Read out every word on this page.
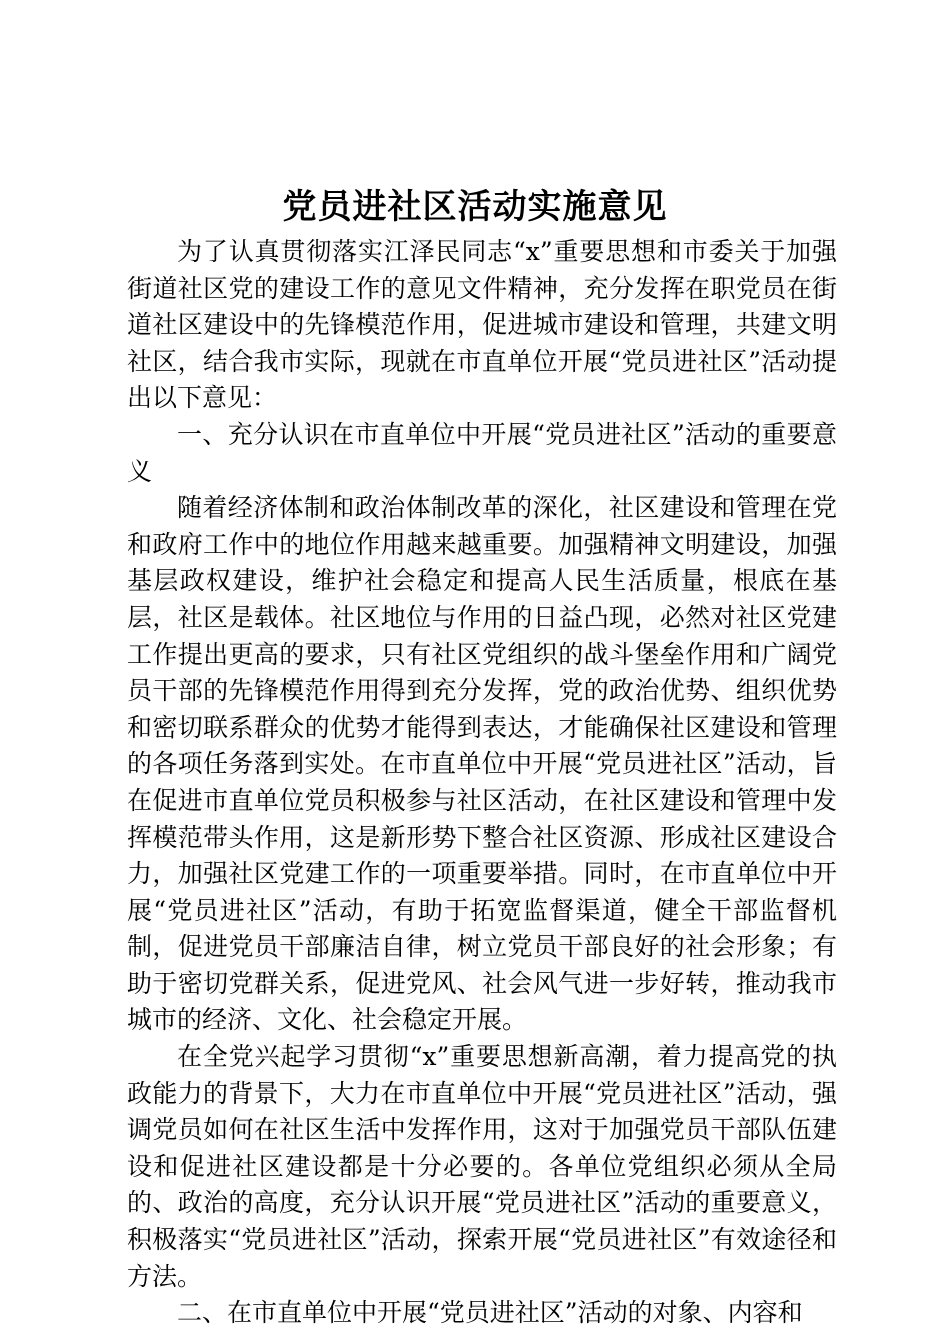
党员进社区活动实施意见

为了认真贯彻落实江泽民同志“x”重要思想和市委关于加强街道社区党的建设工作的意见文件精神，充分发挥在职党员在街道社区建设中的先锋模范作用，促进城市建设和管理，共建文明社区，结合我市实际，现就在市直单位开展“党员进社区”活动提出以下意见：

一、充分认识在市直单位中开展“党员进社区”活动的重要意义

随着经济体制和政治体制改革的深化，社区建设和管理在党和政府工作中的地位作用越来越重要。加强精神文明建设，加强基层政权建设，维护社会稳定和提高人民生活质量，根底在基层，社区是载体。社区地位与作用的日益凸现，必然对社区党建工作提出更高的要求，只有社区党组织的战斗堡垒作用和广阔党员干部的先锋模范作用得到充分发挥，党的政治优势、组织优势和密切联系群众的优势才能得到表达，才能确保社区建设和管理的各项任务落到实处。在市直单位中开展“党员进社区”活动，旨在促进市直单位党员积极参与社区活动，在社区建设和管理中发挥模范带头作用，这是新形势下整合社区资源、形成社区建设合力，加强社区党建工作的一项重要举措。同时，在市直单位中开展“党员进社区”活动，有助于拓宽监督渠道，健全干部监督机制，促进党员干部廉洁自律，树立党员干部良好的社会形象；有助于密切党群关系，促进党风、社会风气进一步好转，推动我市城市的经济、文化、社会稳定开展。

在全党兴起学习贯彻“x”重要思想新高潮，着力提高党的执政能力的背景下，大力在市直单位中开展“党员进社区”活动，强调党员如何在社区生活中发挥作用，这对于加强党员干部队伍建设和促进社区建设都是十分必要的。各单位党组织必须从全局的、政治的高度，充分认识开展“党员进社区”活动的重要意义，积极落实“党员进社区”活动，探索开展“党员进社区”有效途径和方法。

二、在市直单位中开展“党员进社区”活动的对象、内容和
